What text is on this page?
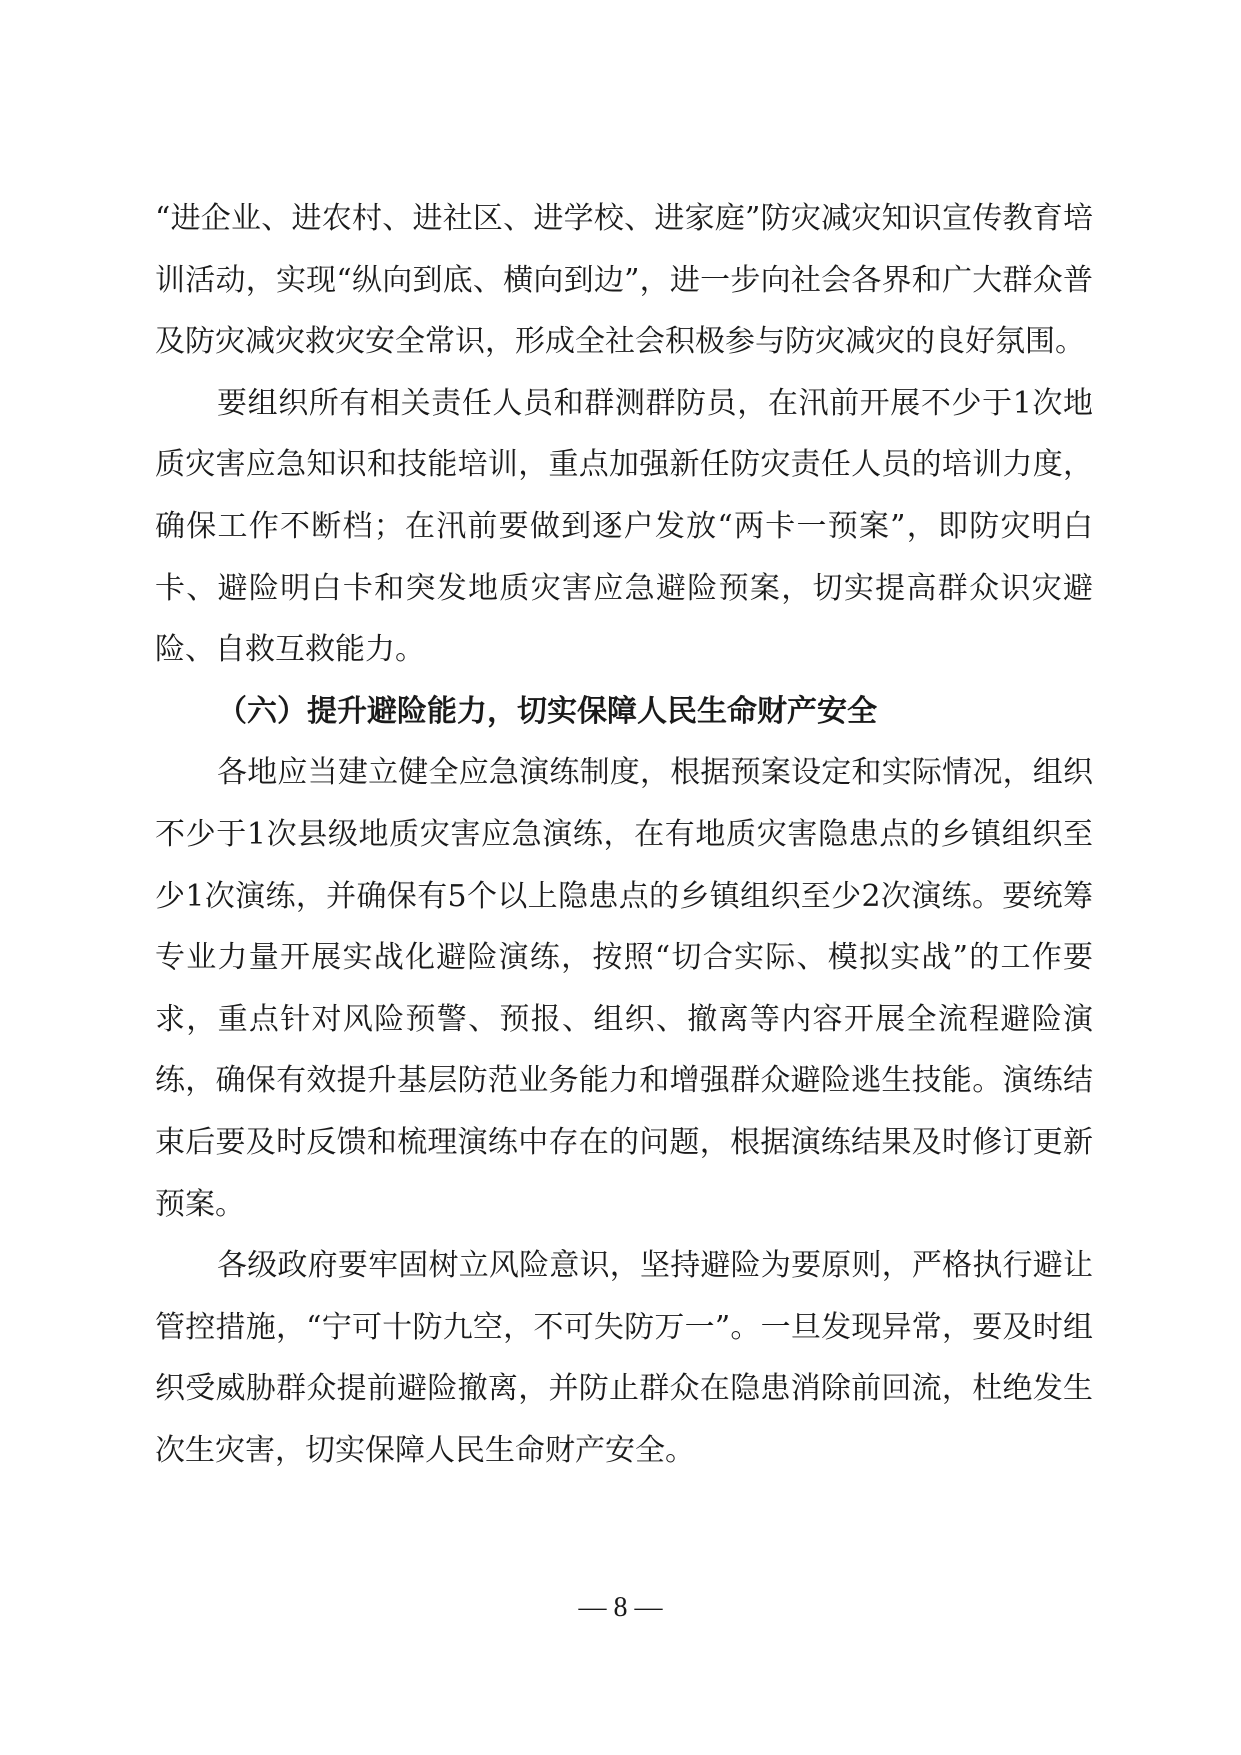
“进企业、进农村、进社区、进学校、进家庭”防灾减灾知识宣传教育培训活动，实现“纵向到底、横向到边”，进一步向社会各界和广大群众普及防灾减灾救灾安全常识，形成全社会积极参与防灾减灾的良好氛围。

要组织所有相关责任人员和群测群防员，在汛前开展不少于1次地质灾害应急知识和技能培训，重点加强新任防灾责任人员的培训力度，确保工作不断档；在汛前要做到逐户发放“两卡一预案”，即防灾明白卡、避险明白卡和突发地质灾害应急避险预案，切实提高群众识灾避险、自救互救能力。

（六）提升避险能力，切实保障人民生命财产安全

各地应当建立健全应急演练制度，根据预案设定和实际情况，组织不少于1次县级地质灾害应急演练，在有地质灾害隐患点的乡镇组织至少1次演练，并确保有5个以上隐患点的乡镇组织至少2次演练。要统筹专业力量开展实战化避险演练，按照“切合实际、模拟实战”的工作要求，重点针对风险预警、预报、组织、撤离等内容开展全流程避险演练，确保有效提升基层防范业务能力和增强群众避险逃生技能。演练结束后要及时反馈和梳理演练中存在的问题，根据演练结果及时修订更新预案。

各级政府要牢固树立风险意识，坚持避险为要原则，严格执行避让管控措施，“宁可十防九空，不可失防万一”。一旦发现异常，要及时组织受威胁群众提前避险撤离，并防止群众在隐患消除前回流，杜绝发生次生灾害，切实保障人民生命财产安全。

— 8 —
